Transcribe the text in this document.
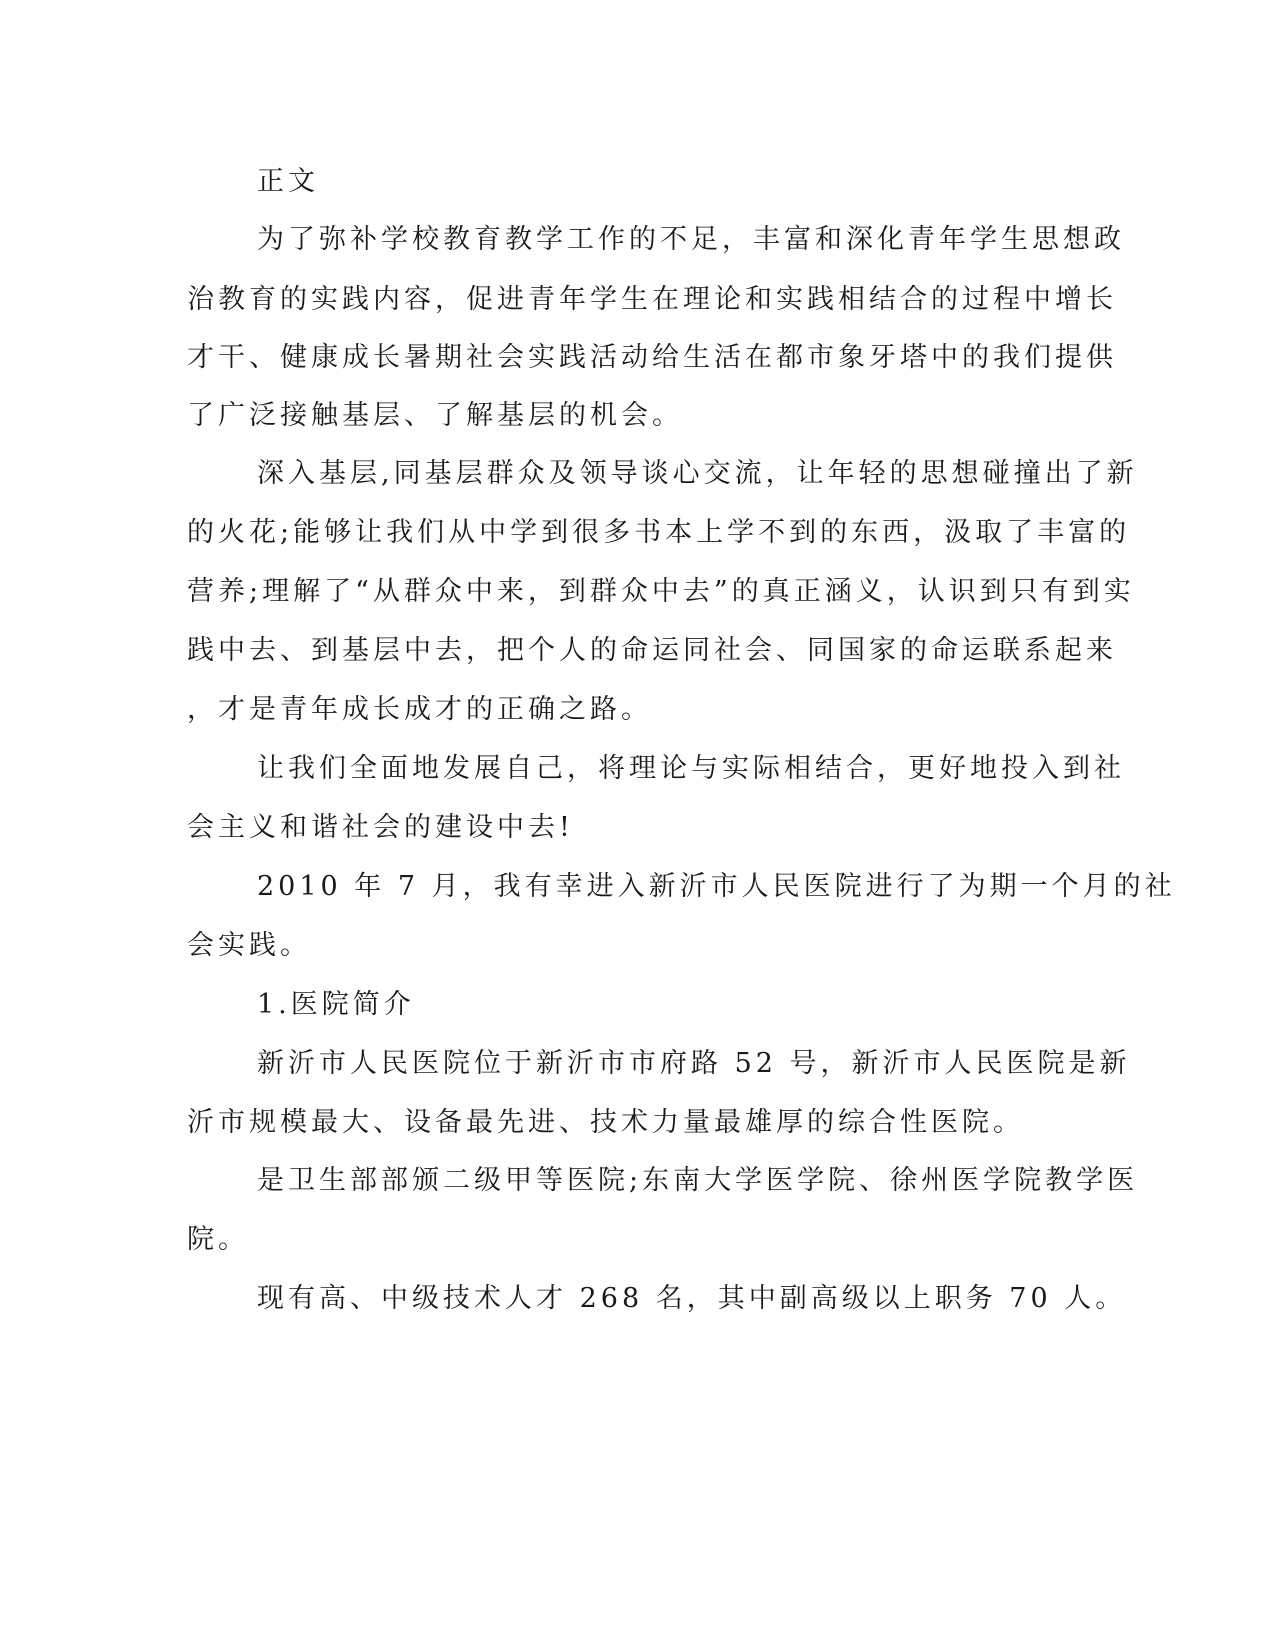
正文

为了弥补学校教育教学工作的不足，丰富和深化青年学生思想政

治教育的实践内容，促进青年学生在理论和实践相结合的过程中增长

才干、健康成长暑期社会实践活动给生活在都市象牙塔中的我们提供

了广泛接触基层、了解基层的机会。

深入基层,同基层群众及领导谈心交流，让年轻的思想碰撞出了新

的火花;能够让我们从中学到很多书本上学不到的东西，汲取了丰富的

营养;理解了“从群众中来，到群众中去”的真正涵义，认识到只有到实

践中去、到基层中去，把个人的命运同社会、同国家的命运联系起来

，才是青年成长成才的正确之路。

让我们全面地发展自己，将理论与实际相结合，更好地投入到社

会主义和谐社会的建设中去!

2010 年 7 月，我有幸进入新沂市人民医院进行了为期一个月的社

会实践。

1.医院简介

新沂市人民医院位于新沂市市府路 52 号，新沂市人民医院是新

沂市规模最大、设备最先进、技术力量最雄厚的综合性医院。

是卫生部部颁二级甲等医院;东南大学医学院、徐州医学院教学医

院。

现有高、中级技术人才 268 名，其中副高级以上职务 70 人。
